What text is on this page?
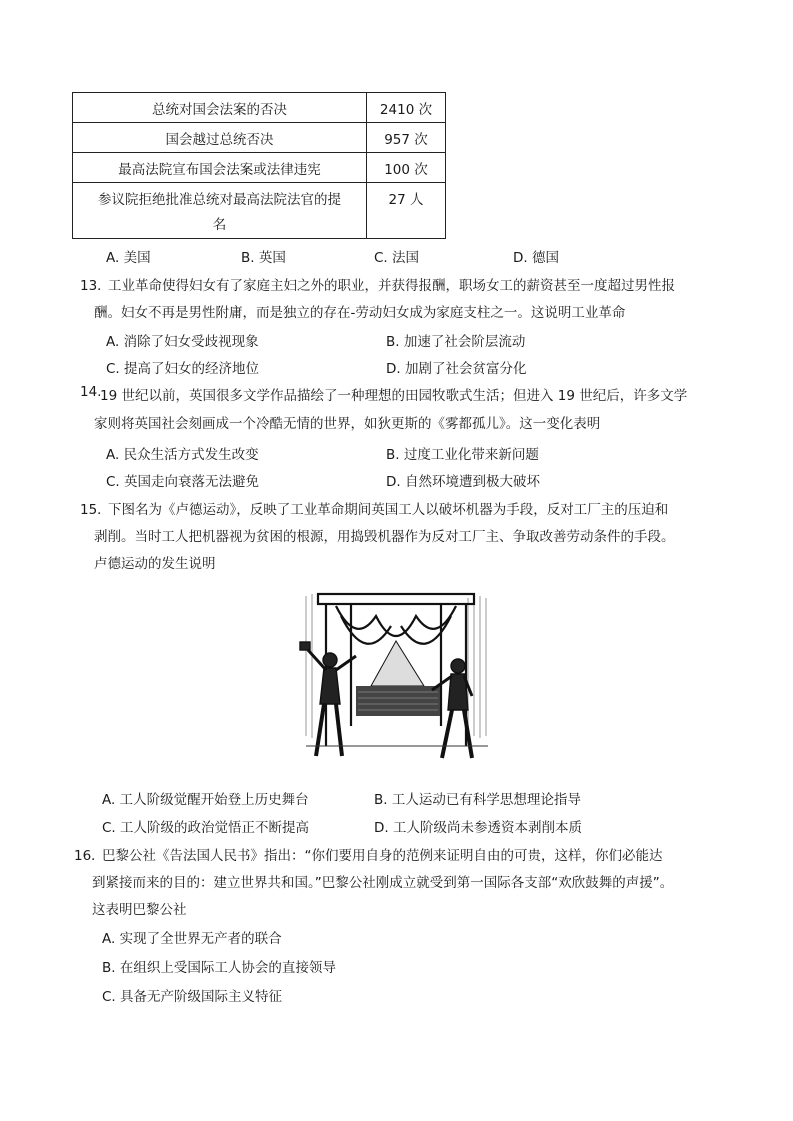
总统对国会法案的否决	2410 次
国会越过总统否决	957 次
最高法院宣布国会法案或法律违宪	100 次
参议院拒绝批准总统对最高法院法官的提
名	27 人
A. 美国	B. 英国	C. 法国	D. 德国
13．
工业革命使得妇女有了家庭主妇之外的职业，并获得报酬，职场女工的薪资甚至一度超过男性报
酬。妇女不再是男性附庸，而是独立的存在-劳动妇女成为家庭支柱之一。这说明工业革命
A. 消除了妇女受歧视现象	B. 加速了社会阶层流动
C. 提高了妇女的经济地位	D. 加剧了社会贫富分化
14.
19 世纪以前，英国很多文学作品描绘了一种理想的田园牧歌式生活；但进入 19 世纪后，许多文学
家则将英国社会刻画成一个冷酷无情的世界，如狄更斯的《雾都孤儿》。这一变化表明
A. 民众生活方式发生改变	B. 过度工业化带来新问题
C. 英国走向衰落无法避免	D. 自然环境遭到极大破坏
15．
下图名为《卢德运动》，反映了工业革命期间英国工人以破坏机器为手段，反对工厂主的压迫和
剥削。当时工人把机器视为贫困的根源，用捣毁机器作为反对工厂主、争取改善劳动条件的手段。
卢德运动的发生说明
A. 工人阶级觉醒开始登上历史舞台	B. 工人运动已有科学思想理论指导
C. 工人阶级的政治觉悟正不断提高	D. 工人阶级尚未参透资本剥削本质
16．
巴黎公社《告法国人民书》指出：“你们要用自身的范例来证明自由的可贵，这样，你们必能达
到紧接而来的目的：建立世界共和国。”巴黎公社刚成立就受到第一国际各支部“欢欣鼓舞的声援”。
这表明巴黎公社
A. 实现了全世界无产者的联合
B. 在组织上受国际工人协会的直接领导
C. 具备无产阶级国际主义特征
